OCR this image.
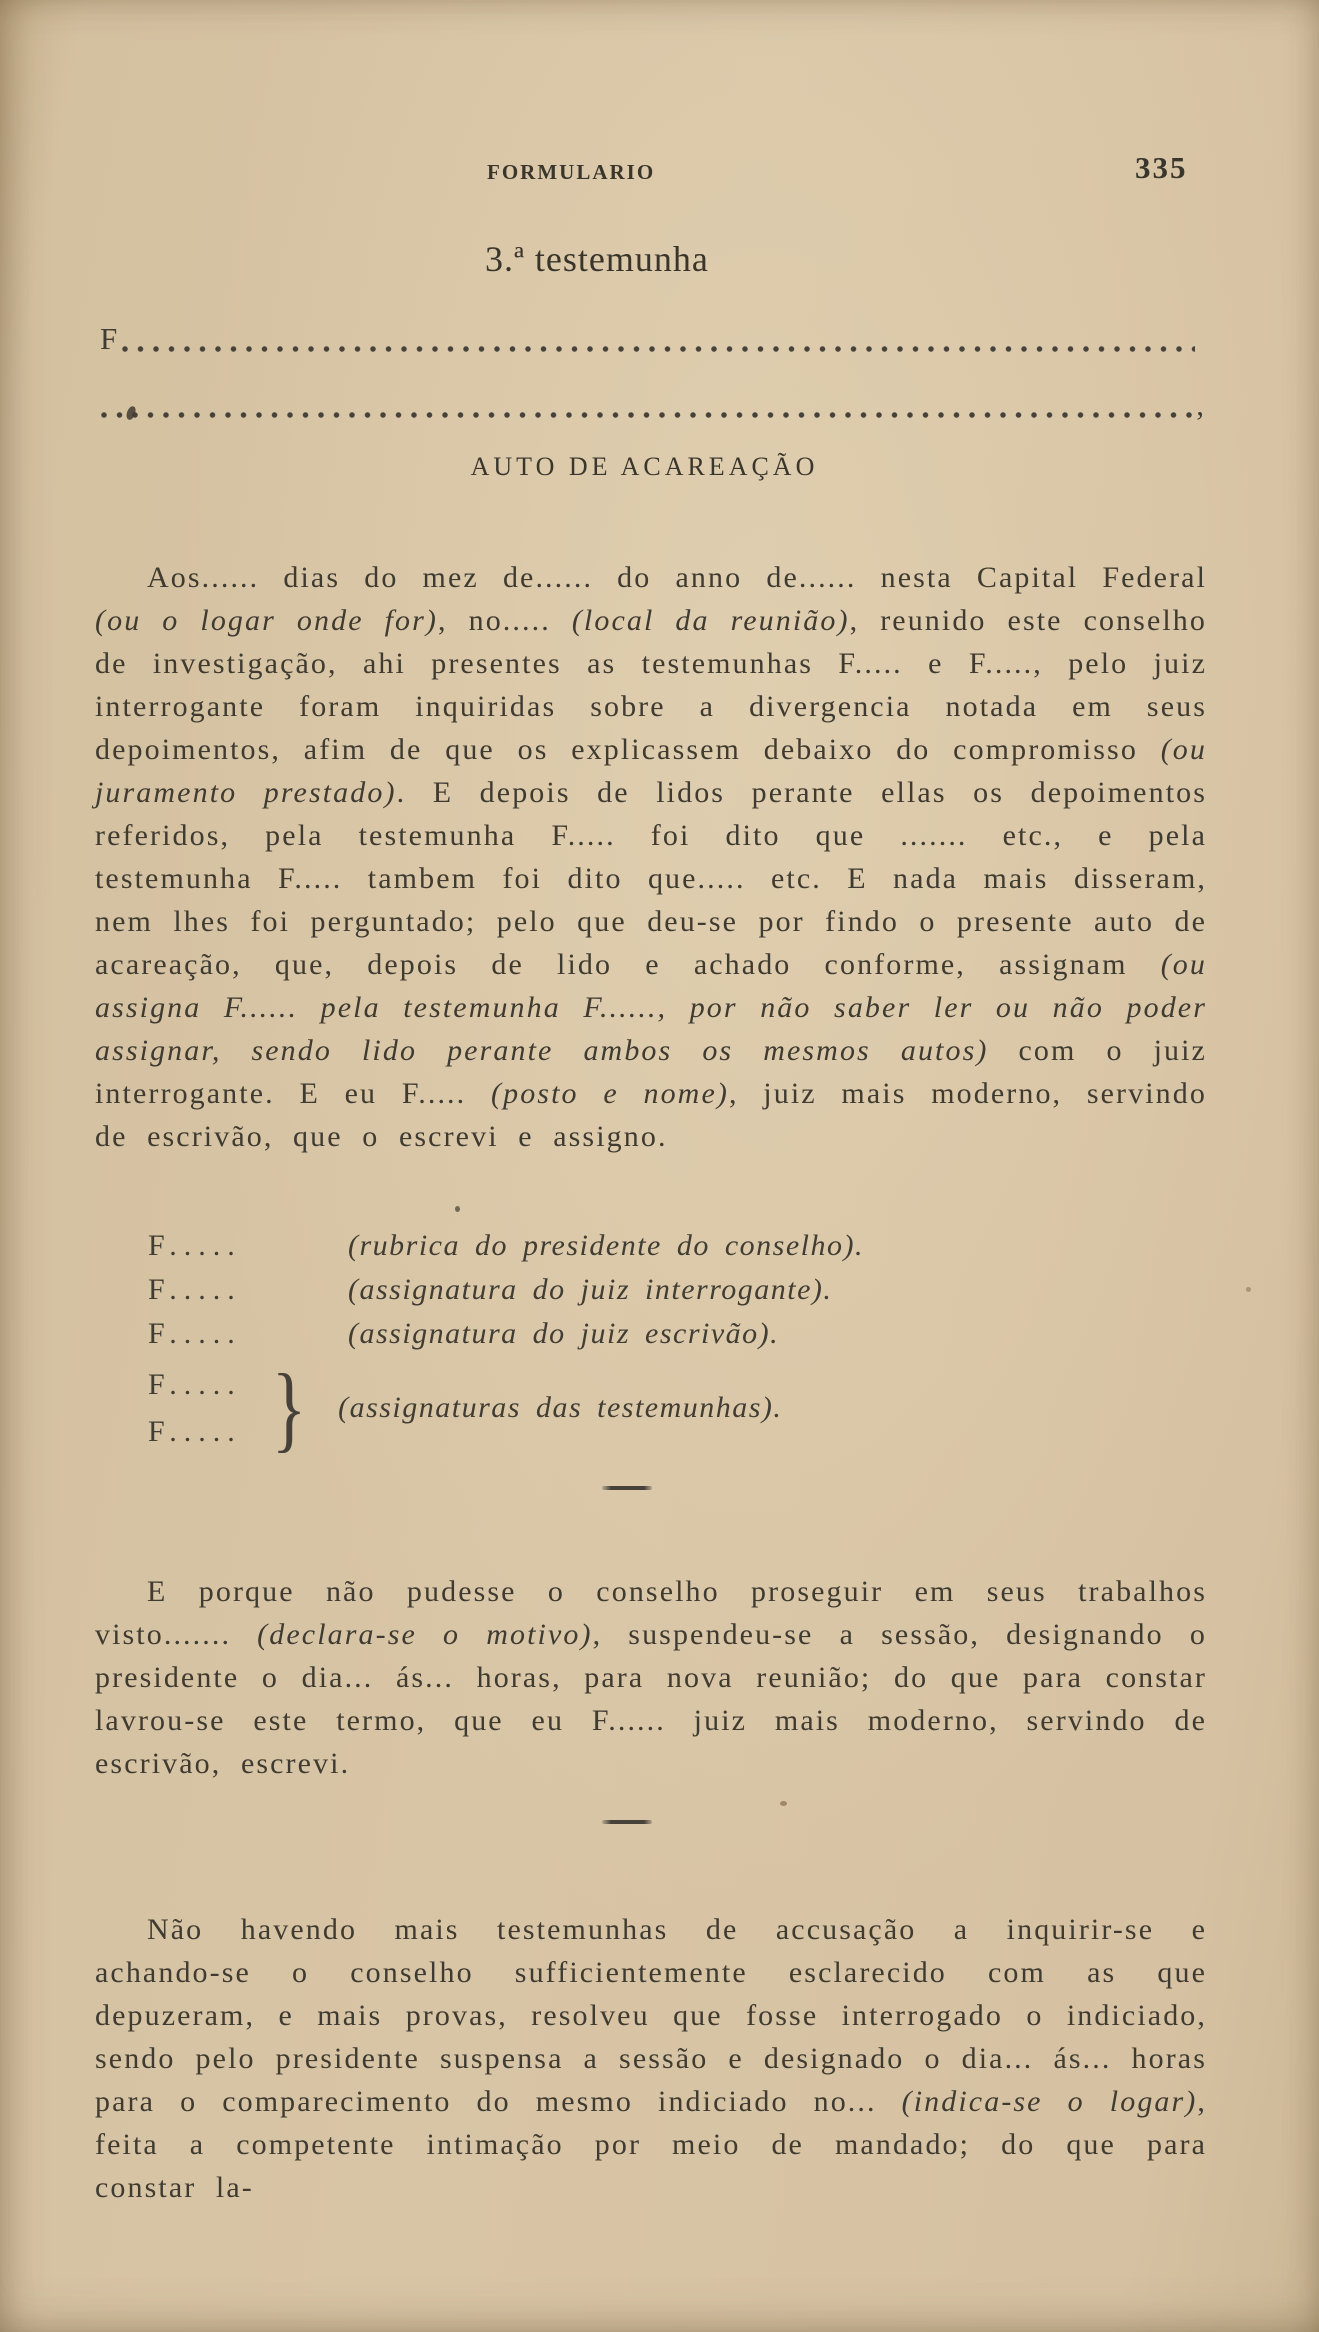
FORMULARIO	335
3.ª testemunha
F
,
AUTO DE ACAREAÇÃO

Aos...... dias do mez de...... do anno de...... nesta Capital Federal (ou o logar onde for), no..... (local da reunião), reunido este conselho de investigação, ahi presentes as testemunhas F..... e F....., pelo juiz interrogante foram inquiridas sobre a divergencia notada em seus depoimentos, afim de que os explicassem debaixo do compromisso (ou juramento prestado). E depois de lidos perante ellas os depoimentos referidos, pela testemunha F..... foi dito que ....... etc., e pela testemunha F..... tambem foi dito que..... etc. E nada mais disseram, nem lhes foi perguntado; pelo que deu-se por findo o presente auto de acareação, que, depois de lido e achado conforme, assignam (ou assigna F...... pela testemunha F......, por não saber ler ou não poder assignar, sendo lido perante ambos os mesmos autos) com o juiz interrogante. E eu F..... (posto e nome), juiz mais moderno, servindo de escrivão, que o escrevi e assigno.

F.....	(rubrica do presidente do conselho).
F.....	(assignatura do juiz interrogante).
F.....	(assignatura do juiz escrivão).
F.....
F..... } (assignaturas das testemunhas).

E porque não pudesse o conselho proseguir em seus trabalhos visto....... (declara-se o motivo), suspendeu-se a sessão, designando o presidente o dia... ás... horas, para nova reunião; do que para constar lavrou-se este termo, que eu F...... juiz mais moderno, servindo de escrivão, escrevi.

Não havendo mais testemunhas de accusação a inquirir-se e achando-se o conselho sufficientemente esclarecido com as que depuzeram, e mais provas, resolveu que fosse interrogado o indiciado, sendo pelo presidente suspensa a sessão e designado o dia... ás... horas para o comparecimento do mesmo indiciado no... (indica-se o logar), feita a competente intimação por meio de mandado; do que para constar la-
